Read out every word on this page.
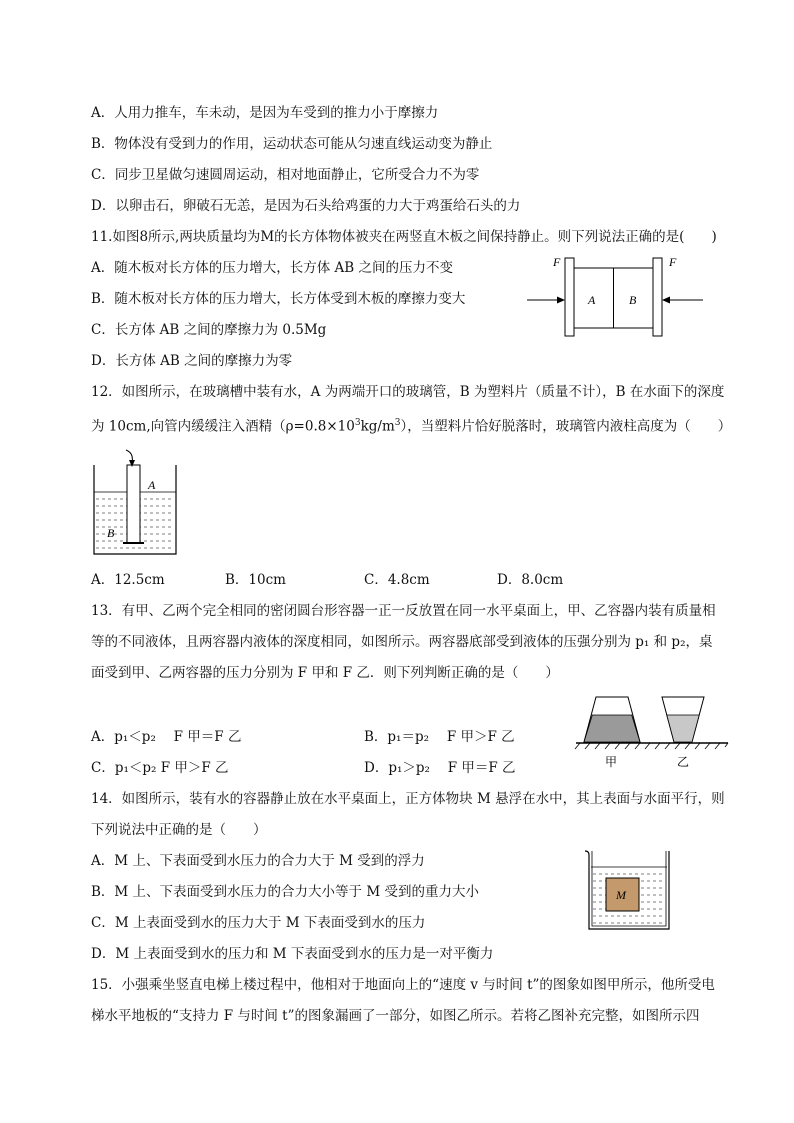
A．人用力推车，车未动，是因为车受到的推力小于摩擦力
B．物体没有受到力的作用，运动状态可能从匀速直线运动变为静止
C．同步卫星做匀速圆周运动，相对地面静止，它所受合力不为零
D．以卵击石，卵破石无恙，是因为石头给鸡蛋的力大于鸡蛋给石头的力
11.如图8所示,两块质量均为M的长方体物体被夹在两竖直木板之间保持静止。则下列说法正确的是(　　)
A．随木板对长方体的压力增大，长方体 AB 之间的压力不变
B．随木板对长方体的压力增大，长方体受到木板的摩擦力变大
C．长方体 AB 之间的摩擦力为 0.5Mg
D．长方体 AB 之间的摩擦力为零
F	F
A	B
12．如图所示，在玻璃槽中装有水，A 为两端开口的玻璃管，B 为塑料片（质量不计），B 在水面下的深度
为 10cm,向管内缓缓注入酒精$(\rho=0.8\times 10^3kg/m^3)$，当塑料片恰好脱落时，玻璃管内液柱高度为（　　）
A
B
A．12.5cm	B．10cm	C．4.8cm	D．8.0cm
13．有甲、乙两个完全相同的密闭圆台形容器一正一反放置在同一水平桌面上，甲、乙容器内装有质量相
等的不同液体，且两容器内液体的深度相同，如图所示。两容器底部受到液体的压强分别为 p₁ 和 p₂，桌
面受到甲、乙两容器的压力分别为 F 甲和 F 乙．则下列判断正确的是（　　）
A．p₁＜p₂　 F 甲＝F 乙	B．p₁＝p₂　 F 甲＞F 乙
C．p₁＜p₂ F 甲＞F 乙	D．p₁＞p₂　 F 甲＝F 乙	甲	乙
14．如图所示，装有水的容器静止放在水平桌面上，正方体物块 M 悬浮在水中，其上表面与水面平行，则
下列说法中正确的是（　　）
A．M 上、下表面受到水压力的合力大于 M 受到的浮力
B．M 上、下表面受到水压力的合力大小等于 M 受到的重力大小
C．M 上表面受到水的压力大于 M 下表面受到水的压力
D．M 上表面受到水的压力和 M 下表面受到水的压力是一对平衡力
M
15．小强乘坐竖直电梯上楼过程中，他相对于地面向上的“速度 v 与时间 t”的图象如图甲所示，他所受电
梯水平地板的“支持力 F 与时间 t”的图象漏画了一部分，如图乙所示。若将乙图补充完整，如图所示四
